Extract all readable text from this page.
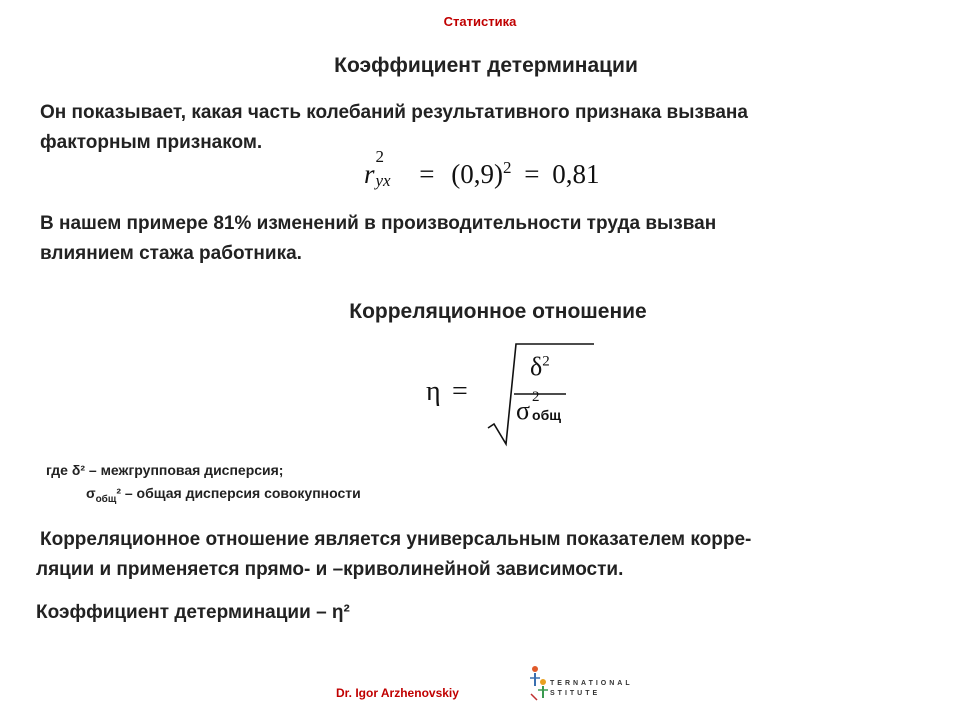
Статистика
Коэффициент детерминации
Он показывает, какая часть колебаний результативного признака вызвана
факторным признаком.
r
2
yx = $(0,9)^2 = 0,81$
В нашем примере 81% изменений в производительности труда вызван
влиянием стажа работника.
Корреляционное отношение
η =
$\delta^2$
σ 2
общ
где δ² – межгрупповая дисперсия;
$\sigma_{общ}^2$ – общая дисперсия совокупности
Корреляционное отношение является универсальным показателем корре-
ляции и применяется прямо- и –криволинейной зависимости.
Коэффициент детерминации – η²
Dr. Igor Arzhenovskiy
TERNATIONAL
STITUTE
